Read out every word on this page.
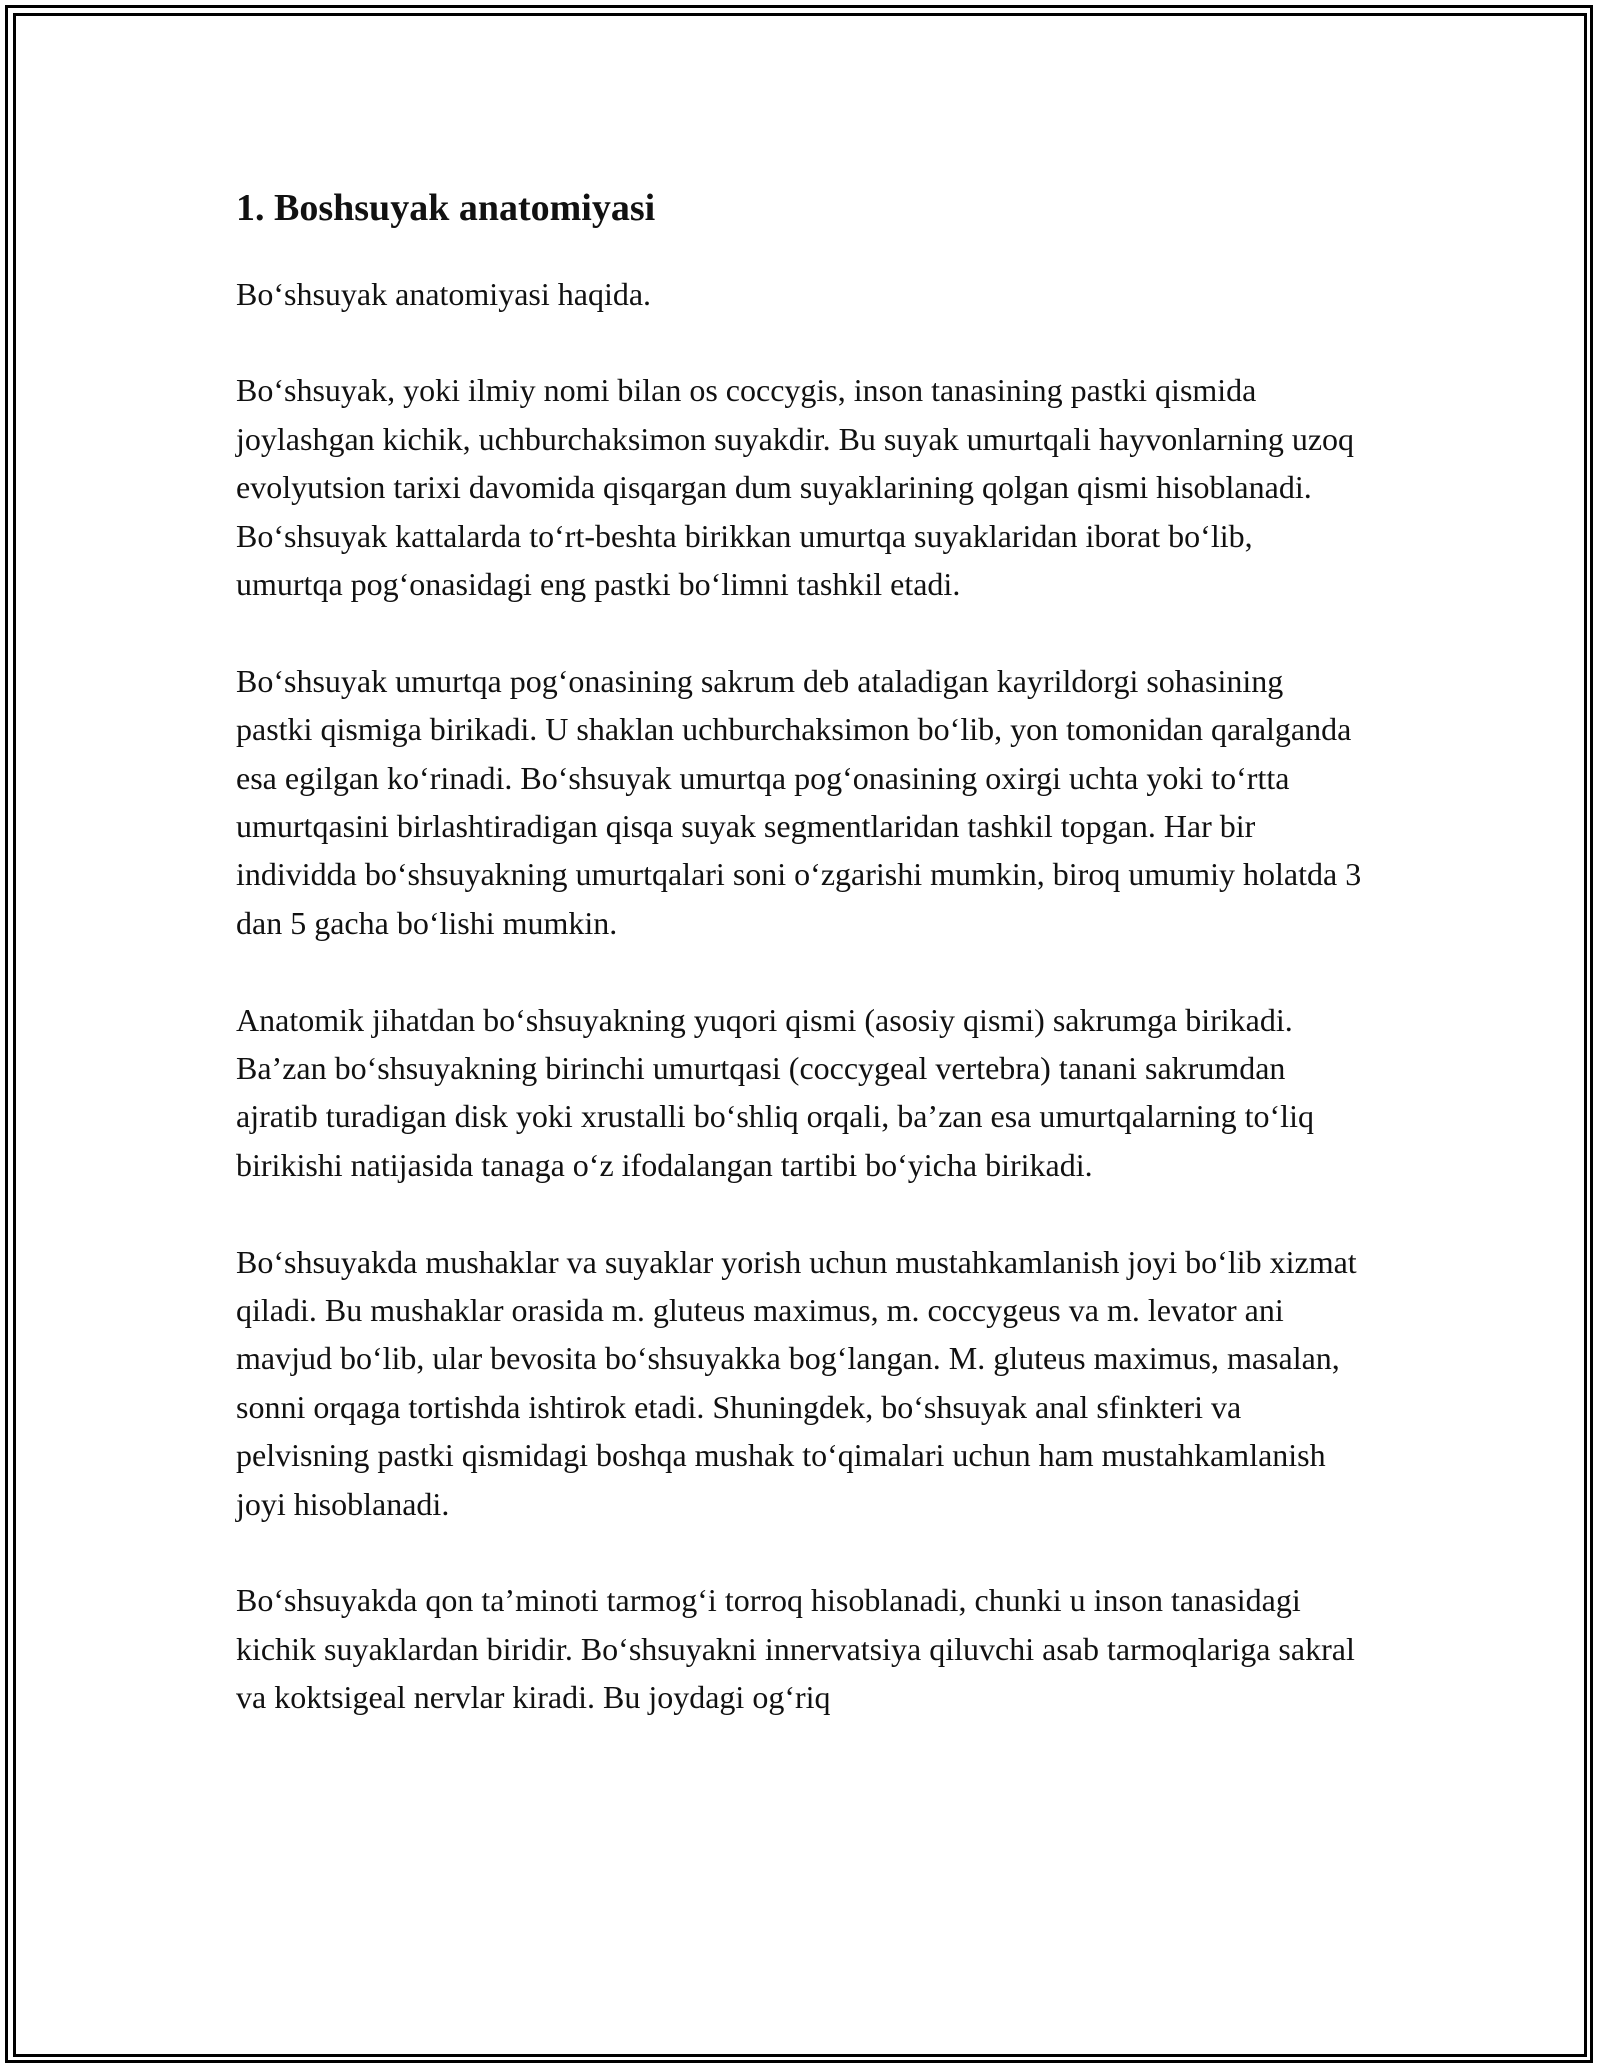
1. Boshsuyak anatomiyasi

Bo‘shsuyak anatomiyasi haqida.

Bo‘shsuyak, yoki ilmiy nomi bilan os coccygis, inson tanasining pastki qismida joylashgan kichik, uchburchaksimon suyakdir. Bu suyak umurtqali hayvonlarning uzoq evolyutsion tarixi davomida qisqargan dum suyaklarining qolgan qismi hisoblanadi. Bo‘shsuyak kattalarda to‘rt-beshta birikkan umurtqa suyaklaridan iborat bo‘lib, umurtqa pog‘onasidagi eng pastki bo‘limni tashkil etadi.

Bo‘shsuyak umurtqa pog‘onasining sakrum deb ataladigan kayrildorgi sohasining pastki qismiga birikadi. U shaklan uchburchaksimon bo‘lib, yon tomonidan qaralganda esa egilgan ko‘rinadi. Bo‘shsuyak umurtqa pog‘onasining oxirgi uchta yoki to‘rtta umurtqasini birlashtiradigan qisqa suyak segmentlaridan tashkil topgan. Har bir individda bo‘shsuyakning umurtqalari soni o‘zgarishi mumkin, biroq umumiy holatda 3 dan 5 gacha bo‘lishi mumkin.

Anatomik jihatdan bo‘shsuyakning yuqori qismi (asosiy qismi) sakrumga birikadi. Ba’zan bo‘shsuyakning birinchi umurtqasi (coccygeal vertebra) tanani sakrumdan ajratib turadigan disk yoki xrustalli bo‘shliq orqali, ba’zan esa umurtqalarning to‘liq birikishi natijasida tanaga o‘z ifodalangan tartibi bo‘yicha birikadi.

Bo‘shsuyakda mushaklar va suyaklar yorish uchun mustahkamlanish joyi bo‘lib xizmat qiladi. Bu mushaklar orasida m. gluteus maximus, m. coccygeus va m. levator ani mavjud bo‘lib, ular bevosita bo‘shsuyakka bog‘langan. M. gluteus maximus, masalan, sonni orqaga tortishda ishtirok etadi. Shuningdek, bo‘shsuyak anal sfinkteri va pelvisning pastki qismidagi boshqa mushak to‘qimalari uchun ham mustahkamlanish joyi hisoblanadi.

Bo‘shsuyakda qon ta’minoti tarmog‘i torroq hisoblanadi, chunki u inson tanasidagi kichik suyaklardan biridir. Bo‘shsuyakni innervatsiya qiluvchi asab tarmoqlariga sakral va koktsigeal nervlar kiradi. Bu joydagi og‘riq
